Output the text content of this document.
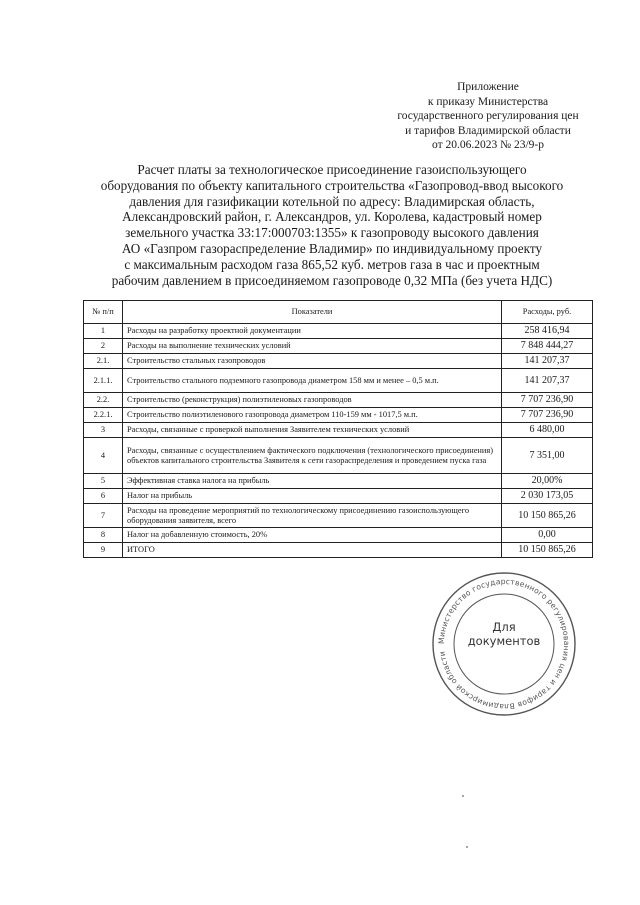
Приложение
к приказу Министерства
государственного регулирования цен
и тарифов Владимирской области
от 20.06.2023 № 23/9-р
Расчет платы за технологическое присоединение газоиспользующего
оборудования по объекту капитального строительства «Газопровод-ввод высокого
давления для газификации котельной по адресу: Владимирская область,
Александровский район, г. Александров, ул. Королева, кадастровый номер
земельного участка 33:17:000703:1355» к газопроводу высокого давления
АО «Газпром газораспределение Владимир» по индивидуальному проекту
с максимальным расходом газа 865,52 куб. метров газа в час и проектным
рабочим давлением в присоединяемом газопроводе 0,32 МПа (без учета НДС)
№ п/п	Показатели	Расходы, руб.
1	Расходы на разработку проектной документации	258 416,94
2	Расходы на выполнение технических условий	7 848 444,27
2.1.	Строительство стальных газопроводов	141 207,37
2.1.1.	Строительство стального подземного газопровода диаметром 158 мм и менее – 0,5 м.п.	141 207,37
2.2.	Строительство (реконструкция) полиэтиленовых газопроводов	7 707 236,90
2.2.1.	Строительство полиэтиленового газопровода диаметром 110-159 мм - 1017,5 м.п.	7 707 236,90
3	Расходы, связанные с проверкой выполнения Заявителем технических условий	6 480,00
4	Расходы, связанные с осуществлением фактического подключения (технологического присоединения) объектов капитального строительства Заявителя к сети газораспределения и проведением пуска газа	7 351,00
5	Эффективная ставка налога на прибыль	20,00%
6	Налог на прибыль	2 030 173,05
7	Расходы на проведение мероприятий по технологическому присоединению газоиспользующего оборудования заявителя, всего	10 150 865,26
8	Налог на добавленную стоимость, 20%	0,00
9	ИТОГО	10 150 865,26
Министерство государственного регулирования цен и тарифов Владимирской области
Для
документов
